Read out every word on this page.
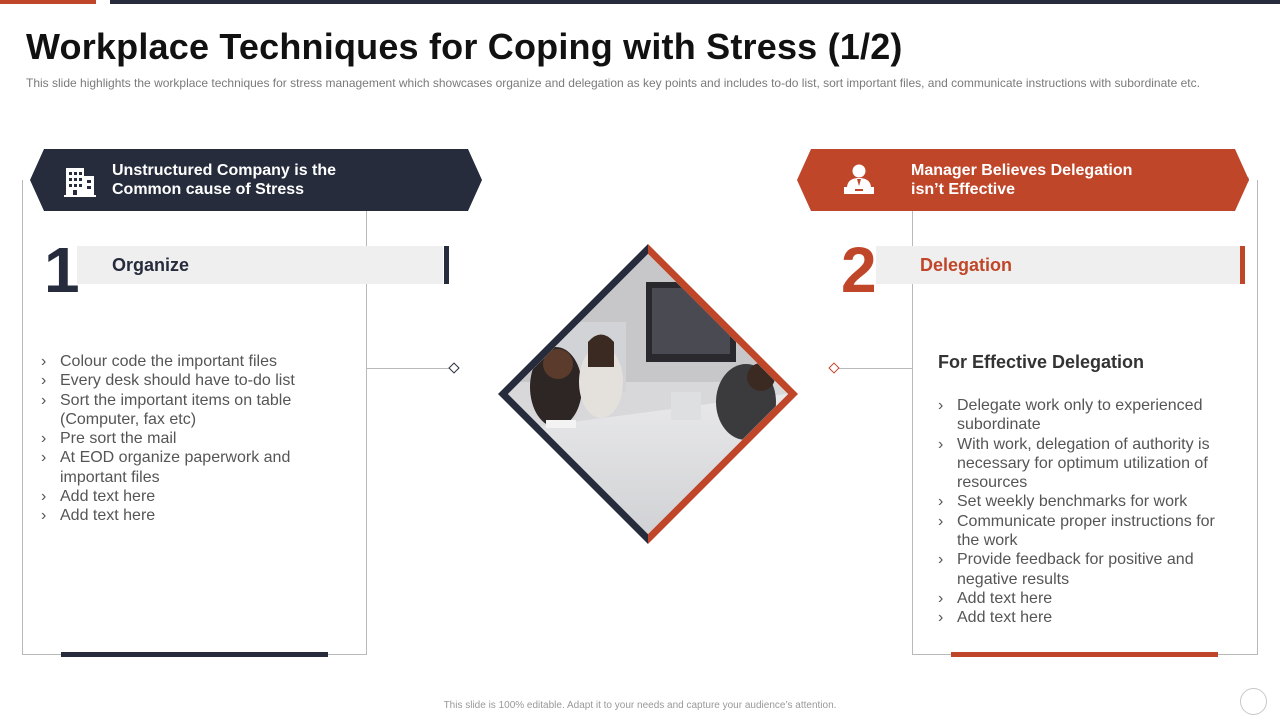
Workplace Techniques for Coping with Stress (1/2)
This slide highlights the workplace techniques for stress management which showcases organize and delegation as key points and includes to-do list, sort important files, and communicate instructions with subordinate etc.
Unstructured Company is the
Common cause of Stress
Manager Believes Delegation
isn’t Effective
1 Organize	2 Delegation
› Colour code the important files
› Every desk should have to-do list
› Sort the important items on table (Computer, fax etc)
› Pre sort the mail
› At EOD organize paperwork and important files
› Add text here
› Add text here
For Effective Delegation
› Delegate work only to experienced subordinate
› With work, delegation of authority is necessary for optimum utilization of resources
› Set weekly benchmarks for work
› Communicate proper instructions for the work
› Provide feedback for positive and negative results
› Add text here
› Add text here
This slide is 100% editable. Adapt it to your needs and capture your audience’s attention.
